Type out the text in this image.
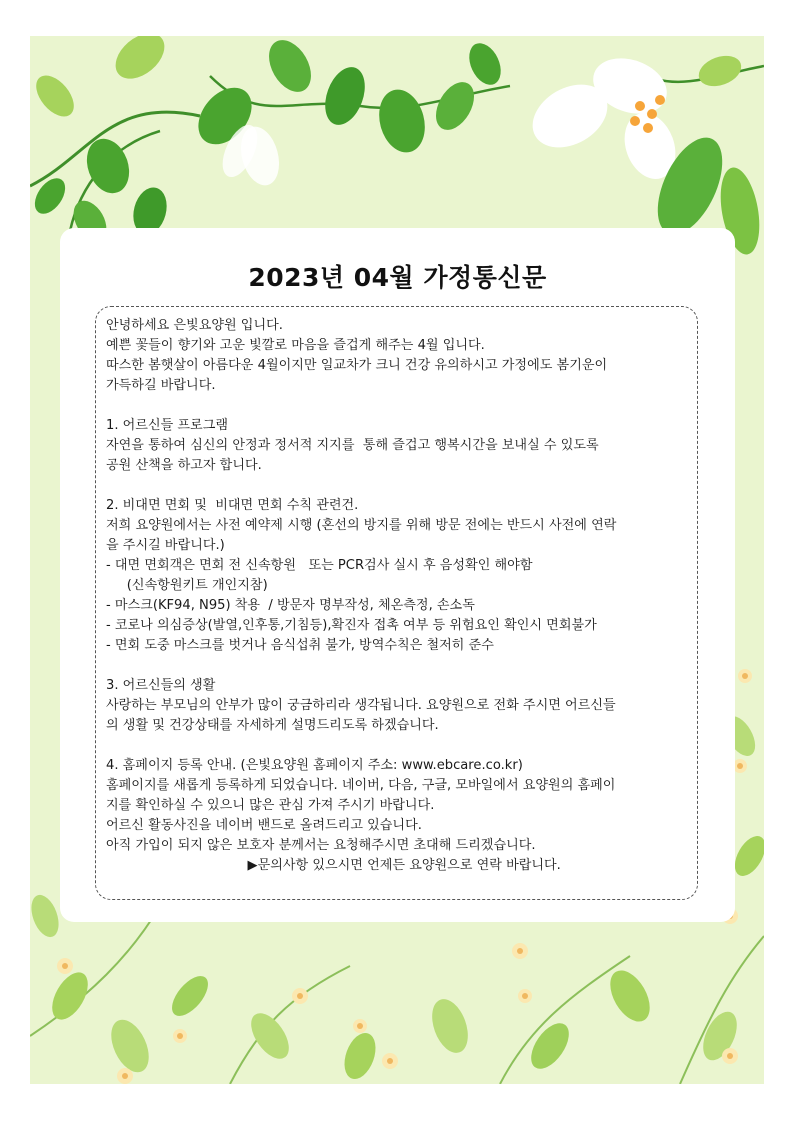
2023년 04월 가정통신문
안녕하세요 은빛요양원 입니다.
예쁜 꽃들이 향기와 고운 빛깔로 마음을 즐겁게 해주는 4월 입니다.
따스한 봄햇살이 아름다운 4월이지만 일교차가 크니 건강 유의하시고 가정에도 봄기운이
가득하길 바랍니다.
1. 어르신들 프로그램
자연을 통하여 심신의 안정과 정서적 지지를  통해 즐겁고 행복시간을 보내실 수 있도록
공원 산책을 하고자 합니다.
2. 비대면 면회 및  비대면 면회 수칙 관련건.
저희 요양원에서는 사전 예약제 시행 (혼선의 방지를 위해 방문 전에는 반드시 사전에 연락
을 주시길 바랍니다.)
- 대면 면회객은 면회 전 신속항원   또는 PCR검사 실시 후 음성확인 해야함
(신속항원키트 개인지참)
- 마스크(KF94, N95) 착용  / 방문자 명부작성, 체온측정, 손소독
- 코로나 의심증상(발열,인후통,기침등),확진자 접촉 여부 등 위험요인 확인시 면회불가
- 면회 도중 마스크를 벗거나 음식섭취 불가, 방역수칙은 철저히 준수
3. 어르신들의 생활
사랑하는 부모님의 안부가 많이 궁금하리라 생각됩니다. 요양원으로 전화 주시면 어르신들
의 생활 및 건강상태를 자세하게 설명드리도록 하겠습니다.
4. 홈페이지 등록 안내. (은빛요양원 홈페이지 주소: www.ebcare.co.kr)
홈페이지를 새롭게 등록하게 되었습니다. 네이버, 다음, 구글, 모바일에서 요양원의 홈페이
지를 확인하실 수 있으니 많은 관심 가져 주시기 바랍니다.
어르신 활동사진을 네이버 밴드로 올려드리고 있습니다.
아직 가입이 되지 않은 보호자 분께서는 요청해주시면 초대해 드리겠습니다.
▶문의사항 있으시면 언제든 요양원으로 연락 바랍니다.
